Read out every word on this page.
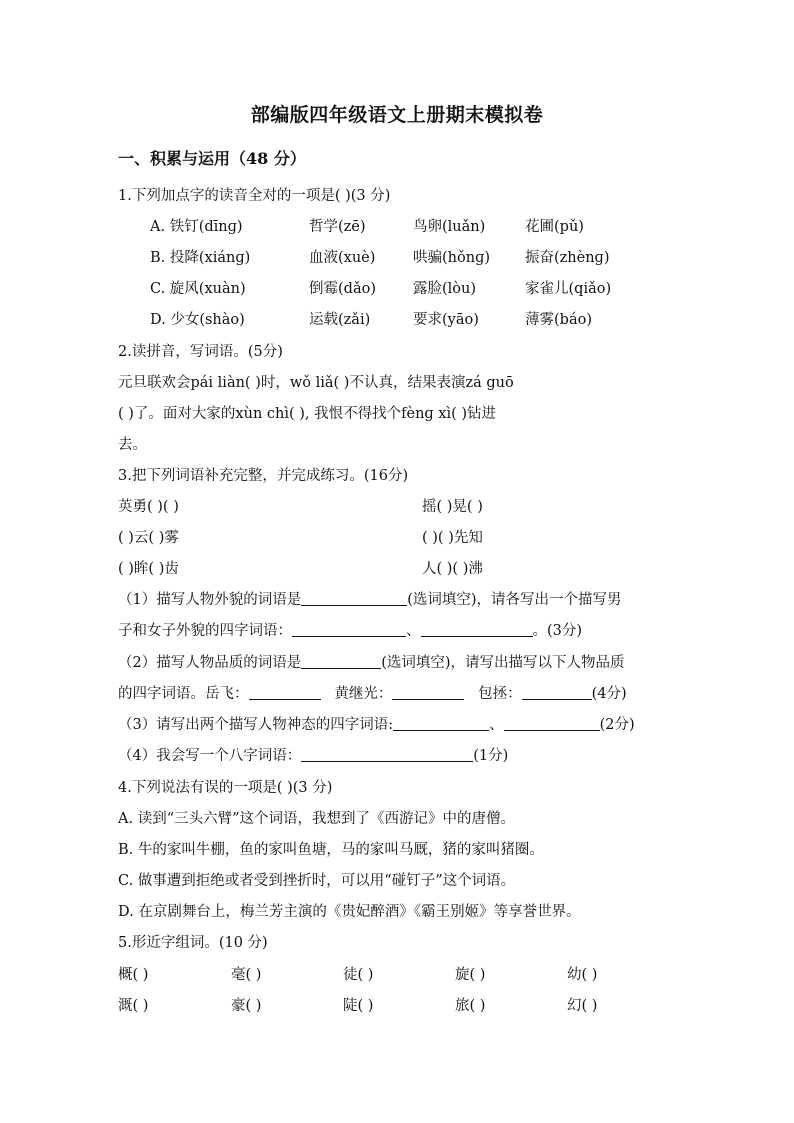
部编版四年级语文上册期末模拟卷
一、积累与运用（48 分）
1.下列加点字的读音全对的一项是( )(3 分)
A. 铁钉(dīnɡ)	哲学(zē)	鸟卵(luǎn)	花圃(pǔ)
B. 投降(xiánɡ)	血液(xuè)	哄骗(hǒnɡ) 振奋(zhènɡ)
C. 旋风(xuàn)	倒霉(dǎo)	露脸(lòu)	家雀儿(qiǎo)
D. 少女(shào)	运载(zǎi)	要求(yāo)	薄雾(báo)
2.读拼音，写词语。(5分)
元旦联欢会pái liàn( )时，wǒ liǎ( )不认真，结果表演zá guō
( )了。面对大家的xùn chì( ), 我恨不得找个fènɡ xì( )钻进
去。
3.把下列词语补充完整，并完成练习。(16分)
英勇( )( )	摇( )晃( )
( )云( )雾	( )( )先知
( )眸( )齿	人( )( )沸
（1）描写人物外貌的词语是	(选词填空)，请各写出一个描写男
子和女子外貌的四字词语：	、	。(3分)
（2）描写人物品质的词语是	(选词填空)，请写出描写以下人物品质
的四字词语。岳飞：	黄继光：	包拯：	(4分)
（3）请写出两个描写人物神态的四字词语:	、	(2分)
（4）我会写一个八字词语：	(1分)
4.下列说法有误的一项是( )(3 分)
A. 读到“三头六臂”这个词语，我想到了《西游记》中的唐僧。
B. 牛的家叫牛棚，鱼的家叫鱼塘，马的家叫马厩，猪的家叫猪圈。
C. 做事遭到拒绝或者受到挫折时，可以用“碰钉子”这个词语。
D. 在京剧舞台上，梅兰芳主演的《贵妃醉酒》《霸王别姬》等享誉世界。
5.形近字组词。(10 分)
概( )	毫( )	徒( )	旋( )	幼( )
溉( )	豪( )	陡( )	旅( )	幻( )
